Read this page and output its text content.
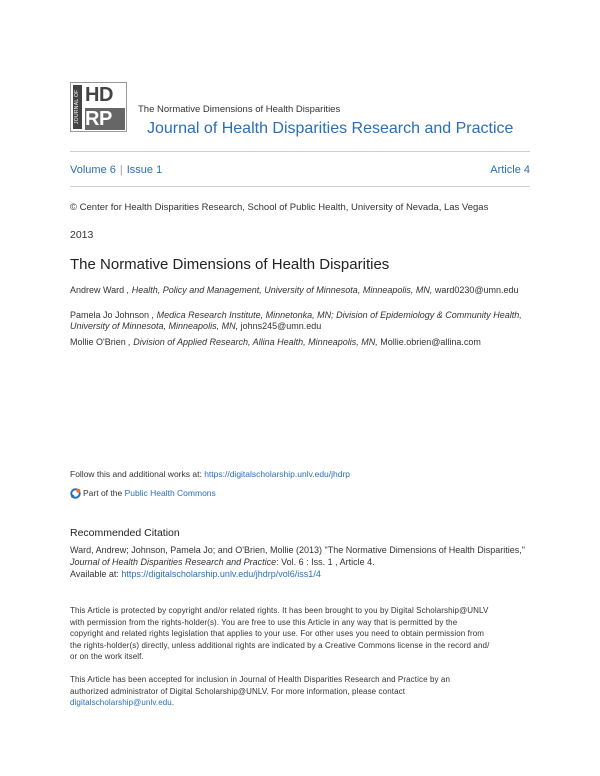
JOURNAL OF HD
RP	The Normative Dimensions of Health Disparities
Journal of Health Disparities Research and Practice
Volume 6 | Issue 1	Article 4
© Center for Health Disparities Research, School of Public Health, University of Nevada, Las Vegas
2013
The Normative Dimensions of Health Disparities
Andrew Ward , Health, Policy and Management, University of Minnesota, Minneapolis, MN, ward0230@umn.edu
Pamela Jo Johnson , Medica Research Institute, Minnetonka, MN; Division of Epidemiology & Community Health, University of Minnesota, Minneapolis, MN, johns245@umn.edu
Mollie O'Brien , Division of Applied Research, Allina Health, Minneapolis, MN, Mollie.obrien@allina.com
Follow this and additional works at: https://digitalscholarship.unlv.edu/jhdrp
Part of the Public Health Commons
Recommended Citation
Ward, Andrew; Johnson, Pamela Jo; and O'Brien, Mollie (2013) "The Normative Dimensions of Health Disparities," Journal of Health Disparities Research and Practice: Vol. 6 : Iss. 1 , Article 4.
Available at: https://digitalscholarship.unlv.edu/jhdrp/vol6/iss1/4
This Article is protected by copyright and/or related rights. It has been brought to you by Digital Scholarship@UNLV
with permission from the rights-holder(s). You are free to use this Article in any way that is permitted by the
copyright and related rights legislation that applies to your use. For other uses you need to obtain permission from
the rights-holder(s) directly, unless additional rights are indicated by a Creative Commons license in the record and/
or on the work itself.
This Article has been accepted for inclusion in Journal of Health Disparities Research and Practice by an
authorized administrator of Digital Scholarship@UNLV. For more information, please contact
digitalscholarship@unlv.edu.
